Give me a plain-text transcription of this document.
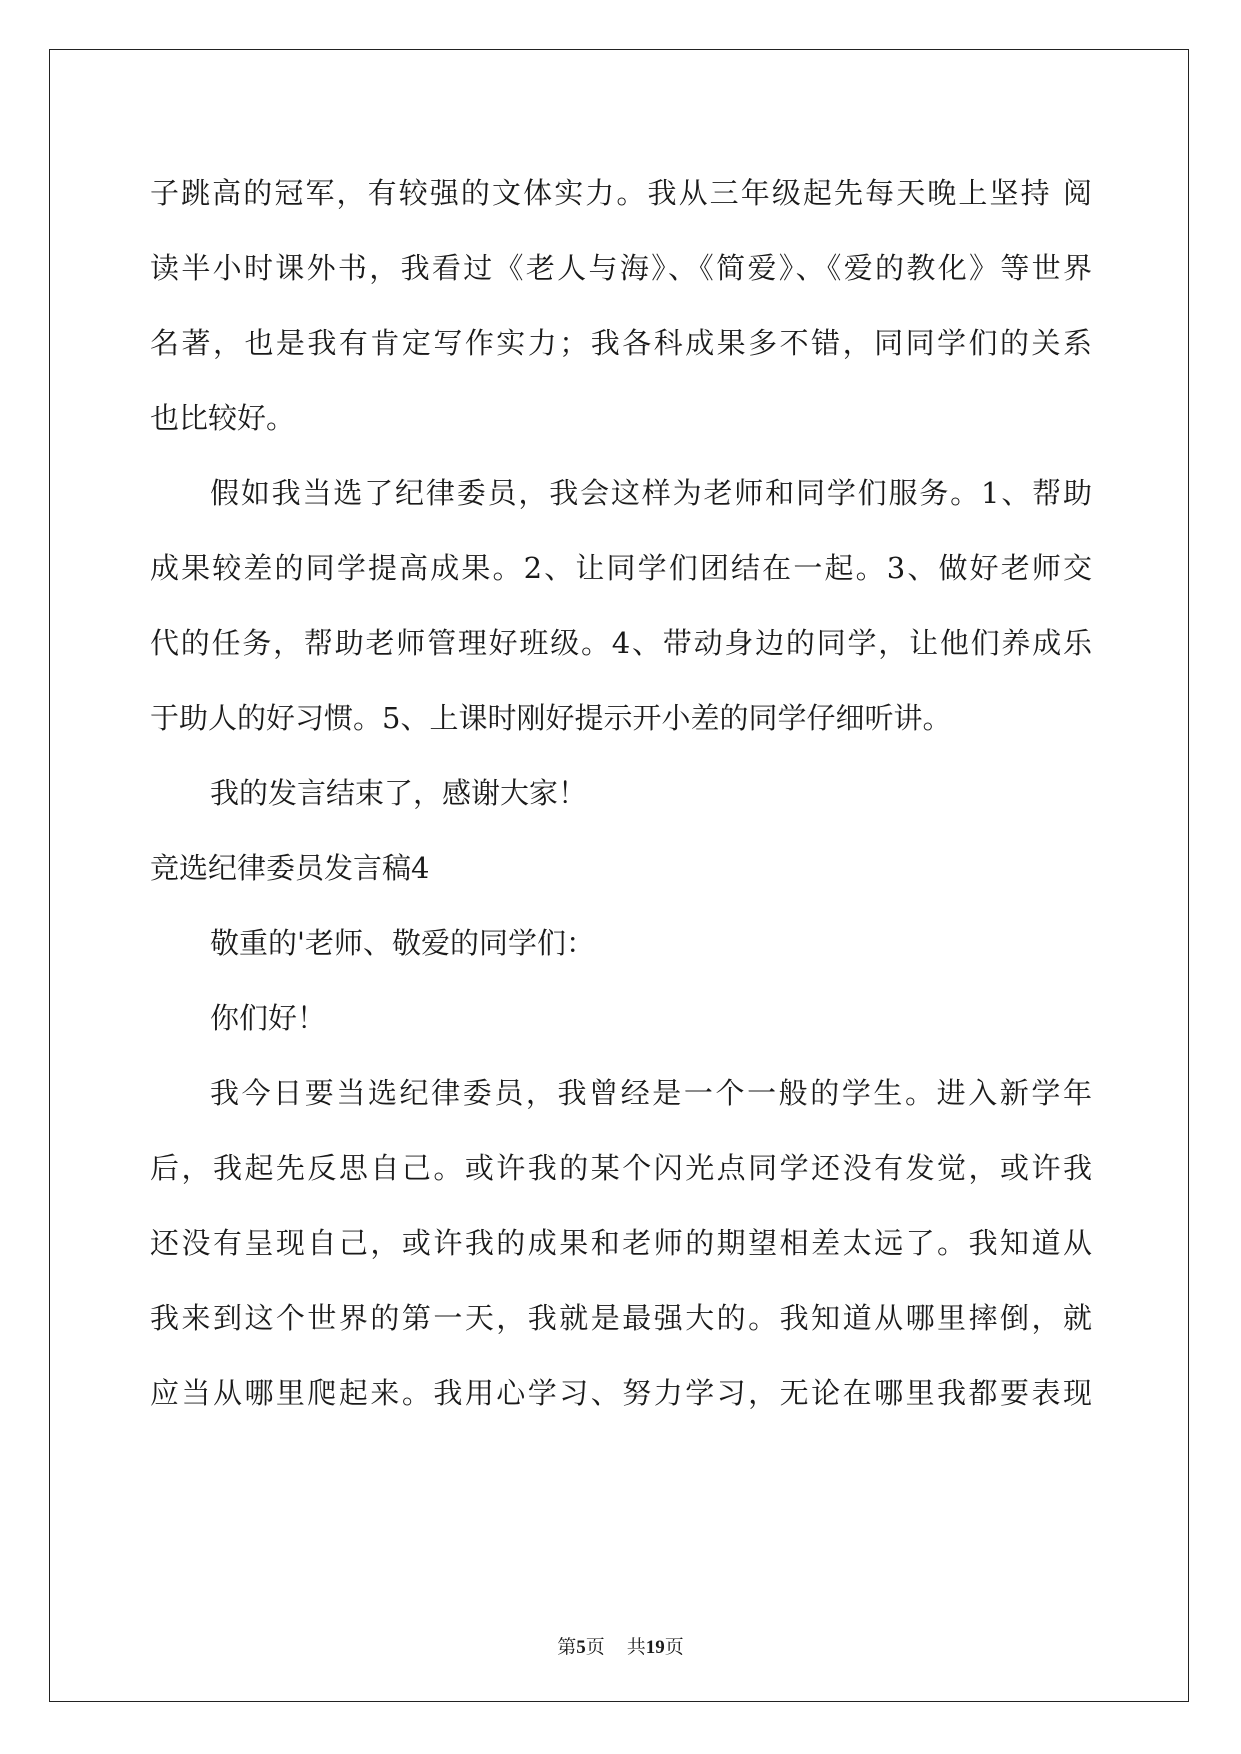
子跳高的冠军，有较强的文体实力。我从三年级起先每天晚上坚持 阅
读半小时课外书，我看过《老人与海》、《简爱》、《爱的教化》等世界
名著，也是我有肯定写作实力；我各科成果多不错，同同学们的关系
也比较好。
假如我当选了纪律委员，我会这样为老师和同学们服务。1、帮助
成果较差的同学提高成果。2、让同学们团结在一起。3、做好老师交
代的任务，帮助老师管理好班级。4、带动身边的同学，让他们养成乐
于助人的好习惯。5、上课时刚好提示开小差的同学仔细听讲。
我的发言结束了，感谢大家！
竞选纪律委员发言稿4
敬重的'老师、敬爱的同学们：
你们好！
我今日要当选纪律委员，我曾经是一个一般的学生。进入新学年
后，我起先反思自己。或许我的某个闪光点同学还没有发觉，或许我
还没有呈现自己，或许我的成果和老师的期望相差太远了。我知道从
我来到这个世界的第一天，我就是最强大的。我知道从哪里摔倒，就
应当从哪里爬起来。我用心学习、努力学习，无论在哪里我都要表现
第5页 共19页
